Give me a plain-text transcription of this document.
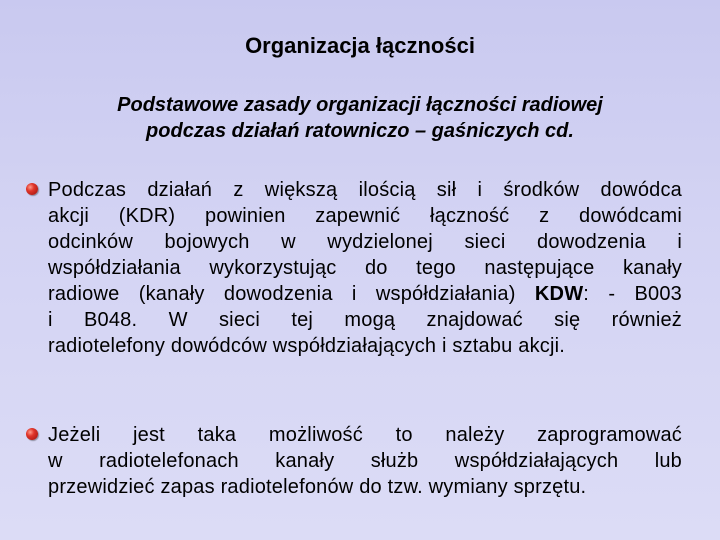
Organizacja łączności
Podstawowe zasady organizacji łączności radiowej
podczas działań ratowniczo – gaśniczych cd.
Podczas działań z większą ilością sił i środków dowódca
akcji (KDR) powinien zapewnić łączność z dowódcami
odcinków bojowych w wydzielonej sieci dowodzenia i
współdziałania wykorzystując do tego następujące kanały
radiowe (kanały dowodzenia i współdziałania) KDW: - B003
i B048. W sieci tej mogą znajdować się również
radiotelefony dowódców współdziałających i sztabu akcji.
Jeżeli jest taka możliwość to należy zaprogramować
w radiotelefonach kanały służb współdziałających lub
przewidzieć zapas radiotelefonów do tzw. wymiany sprzętu.
